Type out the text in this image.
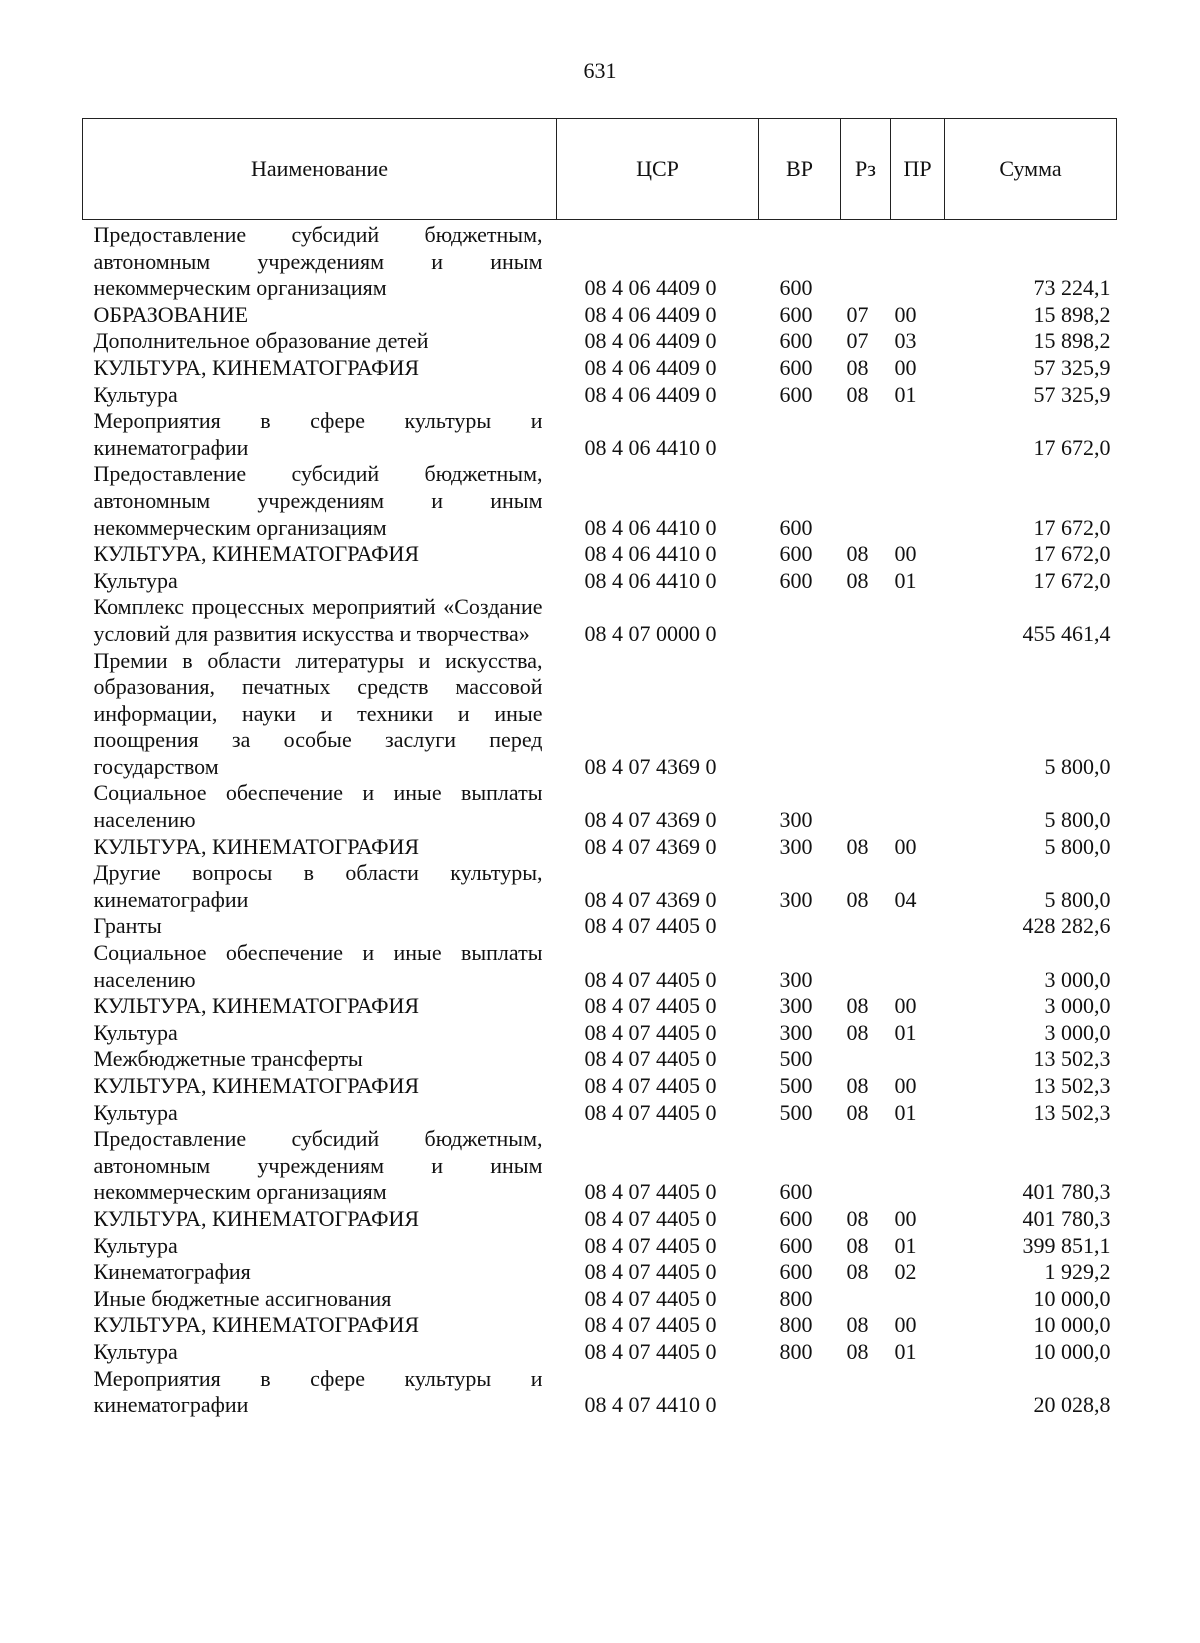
631
Наименование	ЦСР	ВР	Рз	ПР	Сумма

Предоставление субсидий бюджетным, автономным учреждениям и иным некоммерческим организациям	08 4 06 4409 0	600			73 224,1

ОБРАЗОВАНИЕ	08 4 06 4409 0	600	07	00	15 898,2

Дополнительное образование детей	08 4 06 4409 0	600	07	03	15 898,2

КУЛЬТУРА, КИНЕМАТОГРАФИЯ	08 4 06 4409 0	600	08	00	57 325,9

Культура	08 4 06 4409 0	600	08	01	57 325,9

Мероприятия в сфере культуры и кинематографии	08 4 06 4410 0				17 672,0

Предоставление субсидий бюджетным, автономным учреждениям и иным некоммерческим организациям	08 4 06 4410 0	600			17 672,0

КУЛЬТУРА, КИНЕМАТОГРАФИЯ	08 4 06 4410 0	600	08	00	17 672,0

Культура	08 4 06 4410 0	600	08	01	17 672,0

Комплекс процессных мероприятий «Создание условий для развития искусства и творчества»	08 4 07 0000 0				455 461,4

Премии в области литературы и искусства, образования, печатных средств массовой информации, науки и техники и иные поощрения за особые заслуги перед государством	08 4 07 4369 0				5 800,0

Социальное обеспечение и иные выплаты населению	08 4 07 4369 0	300			5 800,0

КУЛЬТУРА, КИНЕМАТОГРАФИЯ	08 4 07 4369 0	300	08	00	5 800,0

Другие вопросы в области культуры, кинематографии	08 4 07 4369 0	300	08	04	5 800,0

Гранты	08 4 07 4405 0				428 282,6

Социальное обеспечение и иные выплаты населению	08 4 07 4405 0	300			3 000,0

КУЛЬТУРА, КИНЕМАТОГРАФИЯ	08 4 07 4405 0	300	08	00	3 000,0

Культура	08 4 07 4405 0	300	08	01	3 000,0

Межбюджетные трансферты	08 4 07 4405 0	500			13 502,3

КУЛЬТУРА, КИНЕМАТОГРАФИЯ	08 4 07 4405 0	500	08	00	13 502,3

Культура	08 4 07 4405 0	500	08	01	13 502,3

Предоставление субсидий бюджетным, автономным учреждениям и иным некоммерческим организациям	08 4 07 4405 0	600			401 780,3

КУЛЬТУРА, КИНЕМАТОГРАФИЯ	08 4 07 4405 0	600	08	00	401 780,3

Культура	08 4 07 4405 0	600	08	01	399 851,1

Кинематография	08 4 07 4405 0	600	08	02	1 929,2

Иные бюджетные ассигнования	08 4 07 4405 0	800			10 000,0

КУЛЬТУРА, КИНЕМАТОГРАФИЯ	08 4 07 4405 0	800	08	00	10 000,0

Культура	08 4 07 4405 0	800	08	01	10 000,0

Мероприятия в сфере культуры и кинематографии	08 4 07 4410 0				20 028,8
